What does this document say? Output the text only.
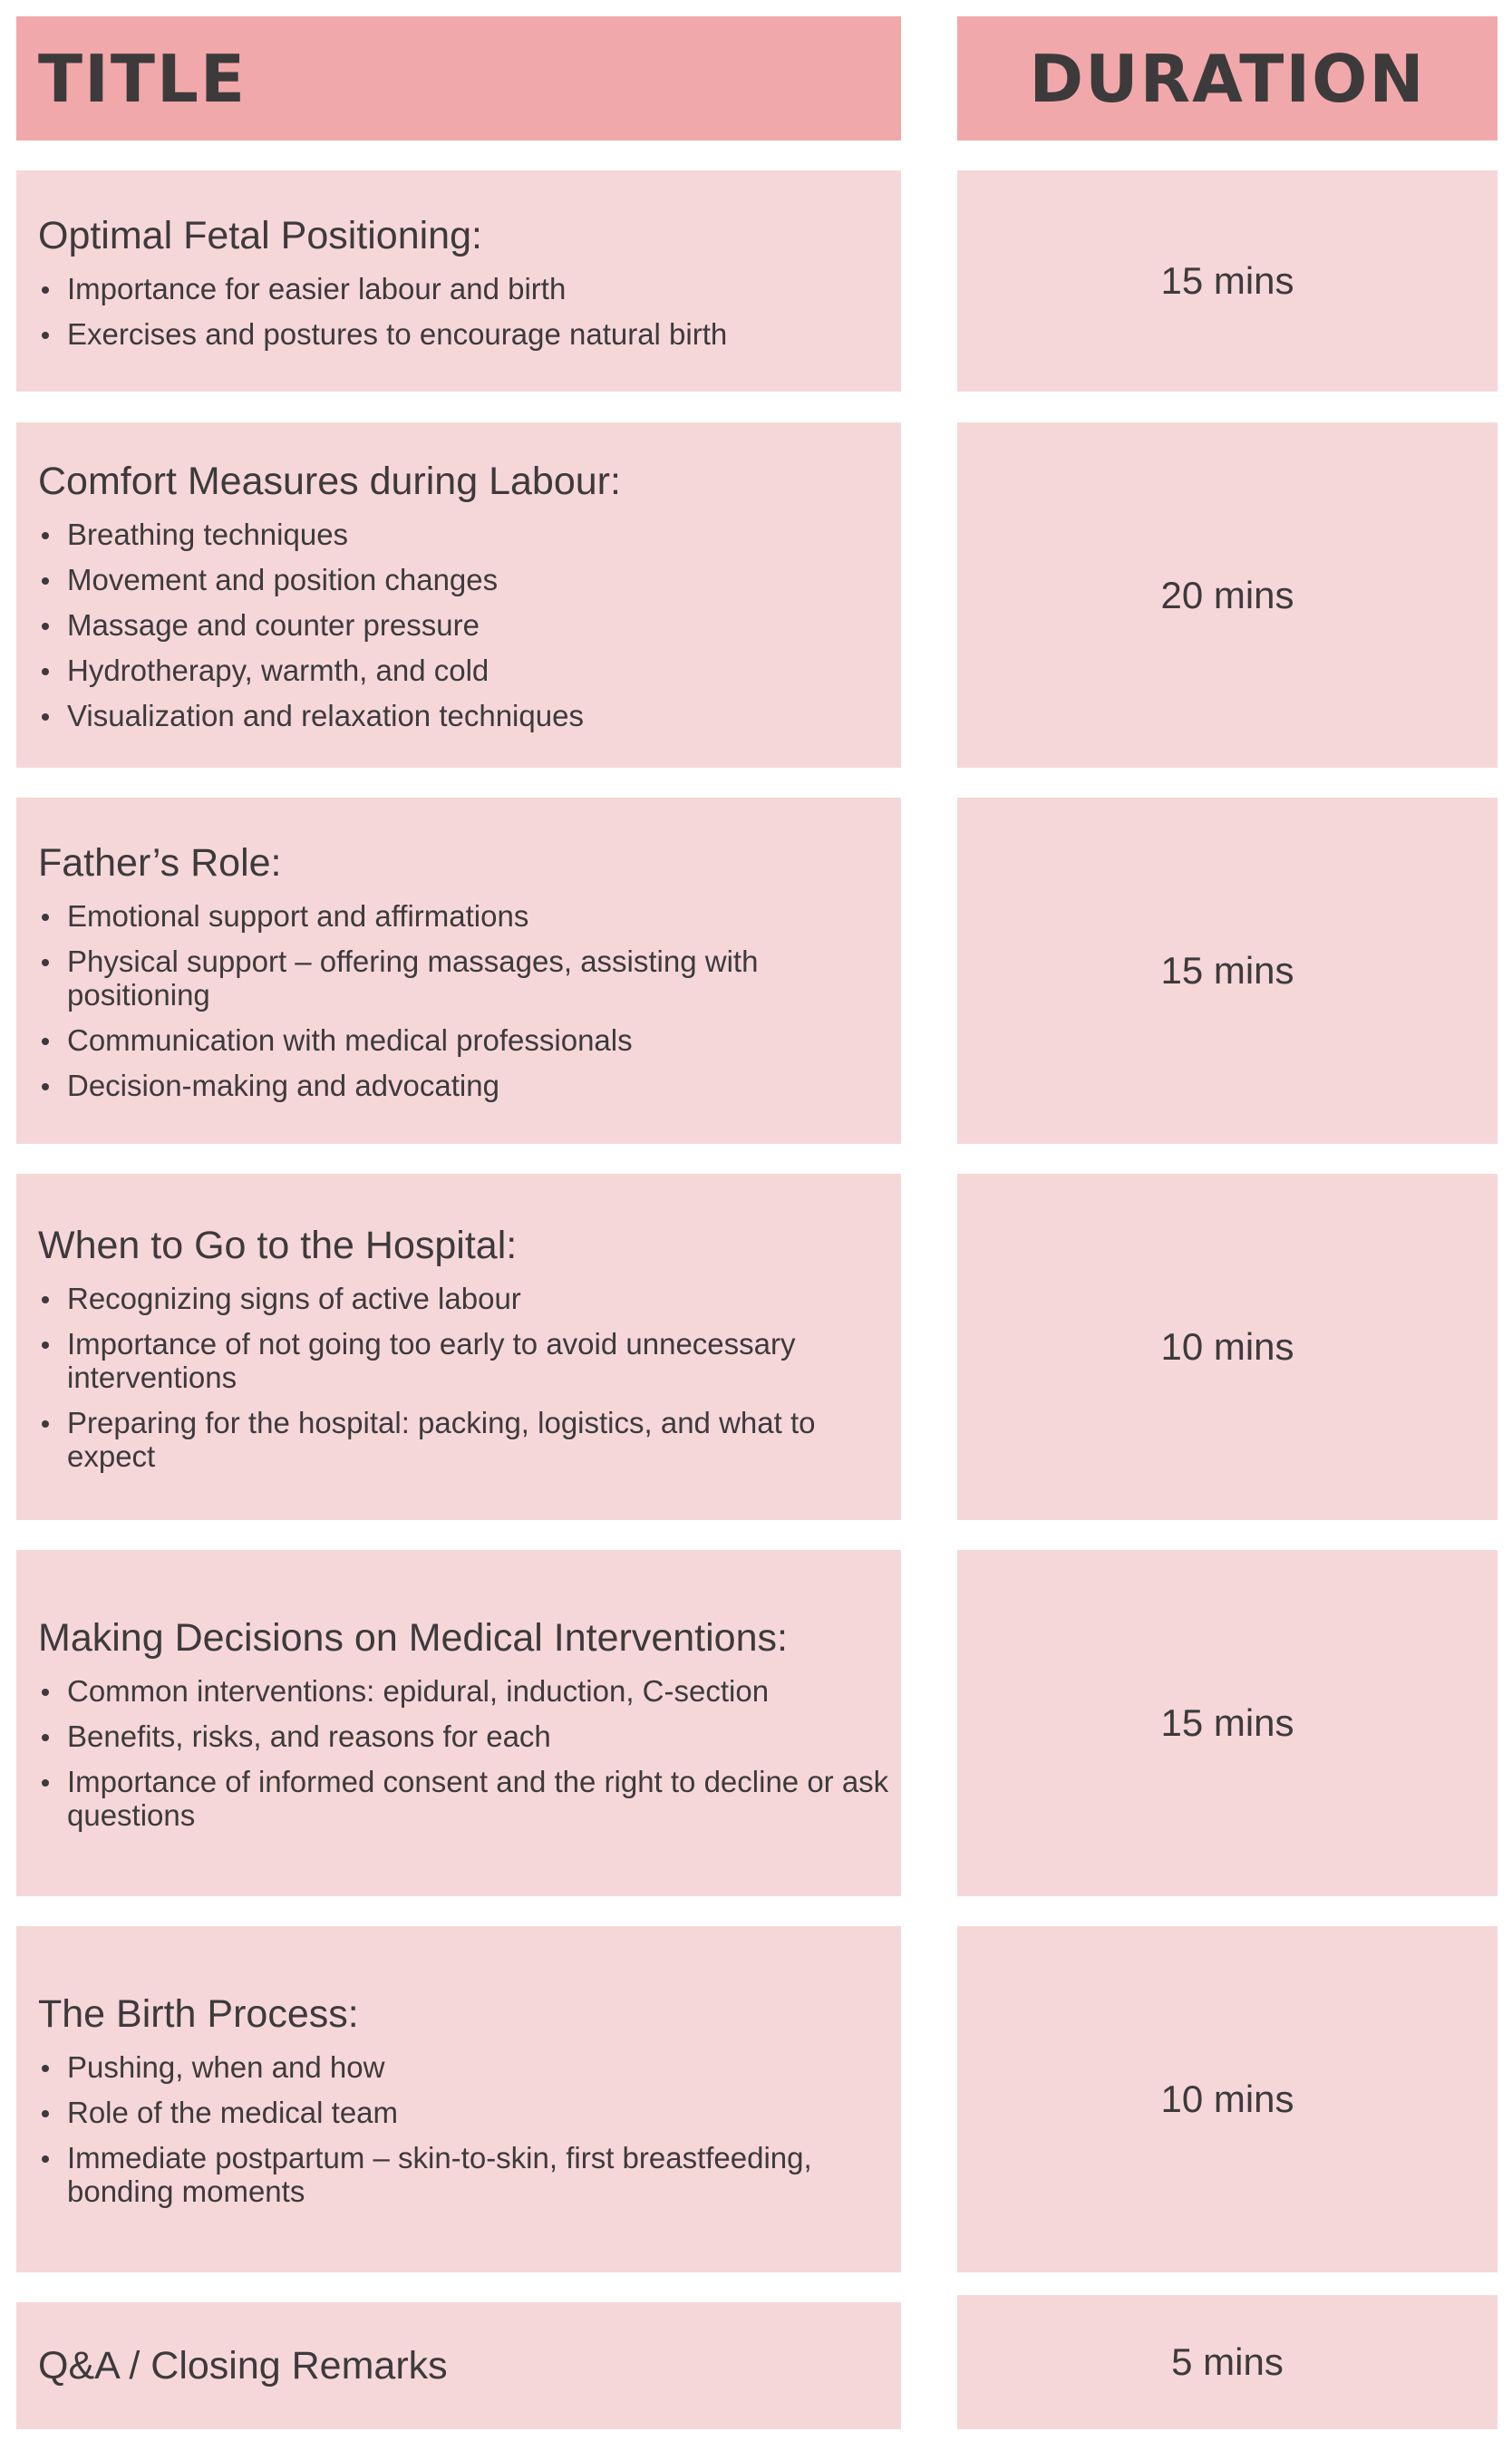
TITLE	DURATION
Optimal Fetal Positioning:
Importance for easier labour and birth
Exercises and postures to encourage natural birth
15 mins
Comfort Measures during Labour:
Breathing techniques
Movement and position changes
Massage and counter pressure
Hydrotherapy, warmth, and cold
Visualization and relaxation techniques
20 mins
Father’s Role:
Emotional support and affirmations
Physical support – offering massages, assisting with positioning
Communication with medical professionals
Decision-making and advocating
15 mins
When to Go to the Hospital:
Recognizing signs of active labour
Importance of not going too early to avoid unnecessary interventions
Preparing for the hospital: packing, logistics, and what to expect
10 mins
Making Decisions on Medical Interventions:
Common interventions: epidural, induction, C-section
Benefits, risks, and reasons for each
Importance of informed consent and the right to decline or ask questions
15 mins
The Birth Process:
Pushing, when and how
Role of the medical team
Immediate postpartum – skin-to-skin, first breastfeeding, bonding moments
10 mins
Q&A / Closing Remarks	5 mins
